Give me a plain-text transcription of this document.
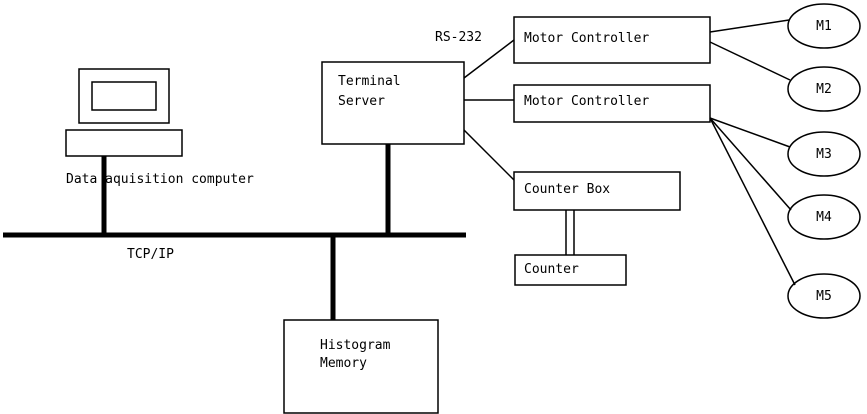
Terminal
Server
Motor Controller
Motor Controller
Counter Box
Counter
Histogram
Memory
M1
M2
M3
M4
M5
RS-232
TCP/IP
Data aquisition computer
